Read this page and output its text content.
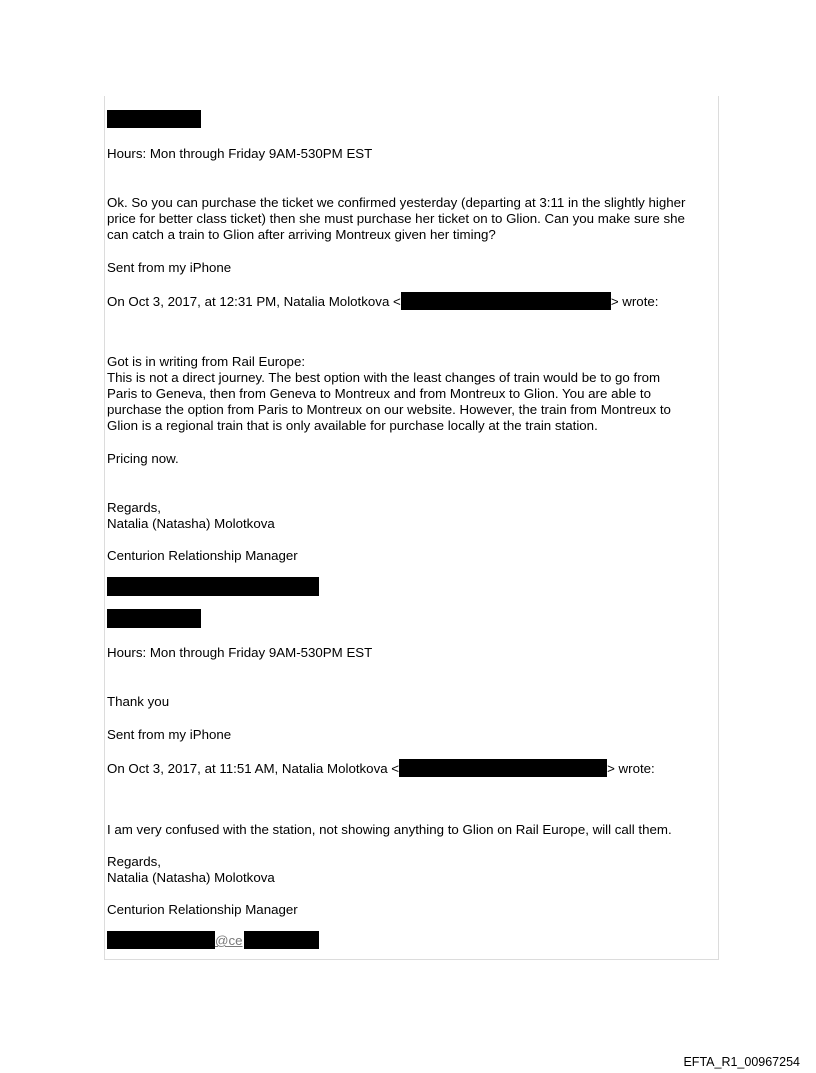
Hours: Mon through Friday 9AM-530PM EST
Ok. So you can purchase the ticket we confirmed yesterday (departing at 3:11 in the slightly higher
price for better class ticket) then she must purchase her ticket on to Glion. Can you make sure she
can catch a train to Glion after arriving Montreux given her timing?
Sent from my iPhone
On Oct 3, 2017, at 12:31 PM, Natalia Molotkova <	> wrote:
Got is in writing from Rail Europe:
This is not a direct journey. The best option with the least changes of train would be to go from
Paris to Geneva, then from Geneva to Montreux and from Montreux to Glion. You are able to
purchase the option from Paris to Montreux on our website. However, the train from Montreux to
Glion is a regional train that is only available for purchase locally at the train station.
Pricing now.
Regards,
Natalia (Natasha) Molotkova
Centurion Relationship Manager
Hours: Mon through Friday 9AM-530PM EST
Thank you
Sent from my iPhone
On Oct 3, 2017, at 11:51 AM, Natalia Molotkova <	> wrote:
I am very confused with the station, not showing anything to Glion on Rail Europe, will call them.
Regards,
Natalia (Natasha) Molotkova
Centurion Relationship Manager
@ce
EFTA_R1_00967254
